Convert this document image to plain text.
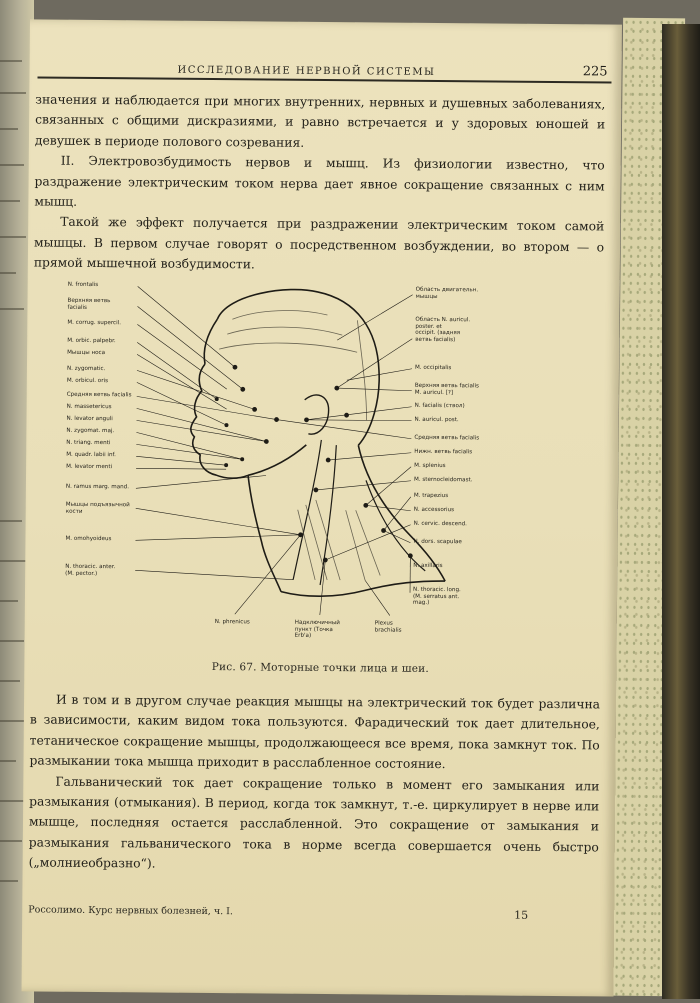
ИССЛЕДОВАНИЕ НЕРВНОЙ СИСТЕМЫ	225

значения и наблюдается при многих внутренних, нервных и душевных заболеваниях, связанных с общими дискразиями, и равно встречается и у здоровых юношей и девушек в периоде полового созревания.

II. Электровозбудимость нервов и мышц. Из физиологии известно, что раздражение электрическим током нерва дает явное сокращение связанных с ним мышц.

Такой же эффект получается при раздражении электрическим током самой мышцы. В первом случае говорят о посредственном возбуждении, во втором — о прямой мышечной возбудимости.

N. frontalis
Верхняя ветвь
facialis
M. corrug. supercil.
M. orbic. palpebr.
Мышцы носа
N. zygomatic.
M. orbicul. oris
Средняя ветвь facialis
N. massetericus
N. levator anguli
N. zygomat. maj.
N. triang. menti
M. quadr. labii inf.
M. levator menti
N. ramus marg. mand.
Мышцы подъязычной
кости
M. omohyoideus
N. thoracic. anter.
(M. pector.)
Область двигательн.
мышцы
Область N. auricul.
poster. et
occipit. (задняя
ветвь facialis)
M. occipitalis
Верхняя ветвь facialis
M. auricul. [?]
N. facialis (ствол)
N. auricul. post.
Средняя ветвь facialis
Нижн. ветвь facialis
M. splenius
M. sternocleidomast.
M. trapezius
N. accessorius
N. cervic. descend.
N. dors. scapulae
N. axillaris
N. thoracic. long.
(M. serratus ant.
mag.)
N. phrenicus	Надключичный
пункт (Точка
Erb'a)
Plexus
brachialis
Рис. 67. Моторные точки лица и шеи.

И в том и в другом случае реакция мышцы на электрический ток будет различна в зависимости, каким видом тока пользуются. Фарадический ток дает длительное, тетаническое сокращение мышцы, продолжающееся все время, пока замкнут ток. По размыкании тока мышца приходит в расслабленное состояние.

Гальванический ток дает сокращение только в момент его замыкания или размыкания (отмыкания). В период, когда ток замкнут, т.-е. циркулирует в нерве или мышце, последняя остается расслабленной. Это сокращение от замыкания и размыкания гальванического тока в норме всегда совершается очень быстро („молниеобразно“).

Россолимо. Курс нервных болезней, ч. I.	15
